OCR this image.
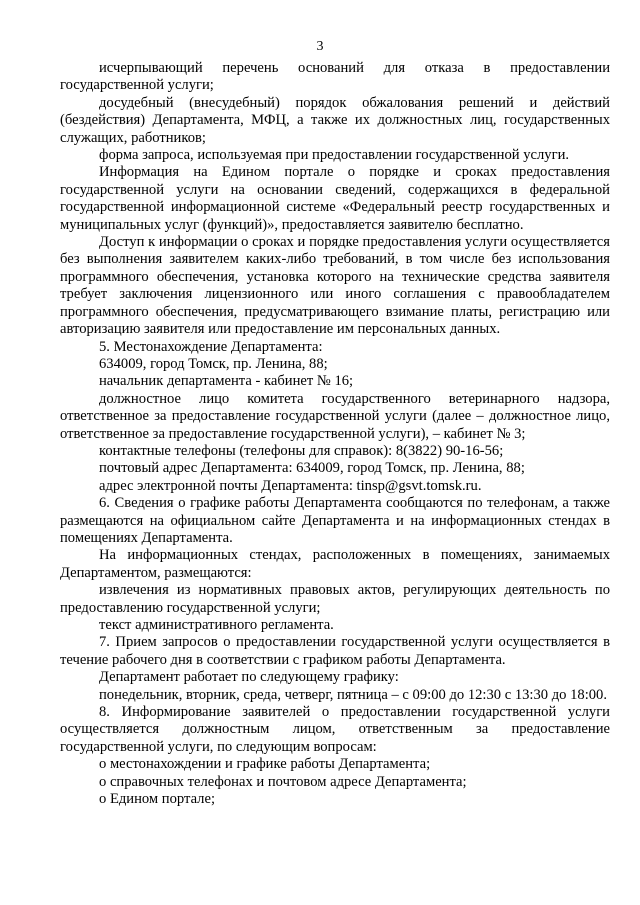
3

исчерпывающий перечень оснований для отказа в предоставлении государственной услуги;

досудебный (внесудебный) порядок обжалования решений и действий (бездействия) Департамента, МФЦ, а также их должностных лиц, государственных служащих, работников;

форма запроса, используемая при предоставлении государственной услуги.

Информация на Едином портале о порядке и сроках предоставления государственной услуги на основании сведений, содержащихся в федеральной государственной информационной системе «Федеральный реестр государственных и муниципальных услуг (функций)», предоставляется заявителю бесплатно.

Доступ к информации о сроках и порядке предоставления услуги осуществляется без выполнения заявителем каких-либо требований, в том числе без использования программного обеспечения, установка которого на технические средства заявителя требует заключения лицензионного или иного соглашения с правообладателем программного обеспечения, предусматривающего взимание платы, регистрацию или авторизацию заявителя или предоставление им персональных данных.

5. Местонахождение Департамента:

634009, город Томск, пр. Ленина, 88;

начальник департамента - кабинет № 16;

должностное лицо комитета государственного ветеринарного надзора, ответственное за предоставление государственной услуги (далее – должностное лицо, ответственное за предоставление государственной услуги), – кабинет № 3;

контактные телефоны (телефоны для справок): 8(3822) 90-16-56;

почтовый адрес Департамента: 634009, город Томск, пр. Ленина, 88;

адрес электронной почты Департамента: tinsp@gsvt.tomsk.ru.

6. Сведения о графике работы Департамента сообщаются по телефонам, а также размещаются на официальном сайте Департамента и на информационных стендах в помещениях Департамента.

На информационных стендах, расположенных в помещениях, занимаемых Департаментом, размещаются:

извлечения из нормативных правовых актов, регулирующих деятельность по предоставлению государственной услуги;

текст административного регламента.

7. Прием запросов о предоставлении государственной услуги осуществляется в течение рабочего дня в соответствии с графиком работы Департамента.

Департамент работает по следующему графику:

понедельник, вторник, среда, четверг, пятница – с 09:00 до 12:30 с 13:30 до 18:00.

8. Информирование заявителей о предоставлении государственной услуги осуществляется должностным лицом, ответственным за предоставление государственной услуги, по следующим вопросам:

о местонахождении и графике работы Департамента;

о справочных телефонах и почтовом адресе Департамента;

о Едином портале;
